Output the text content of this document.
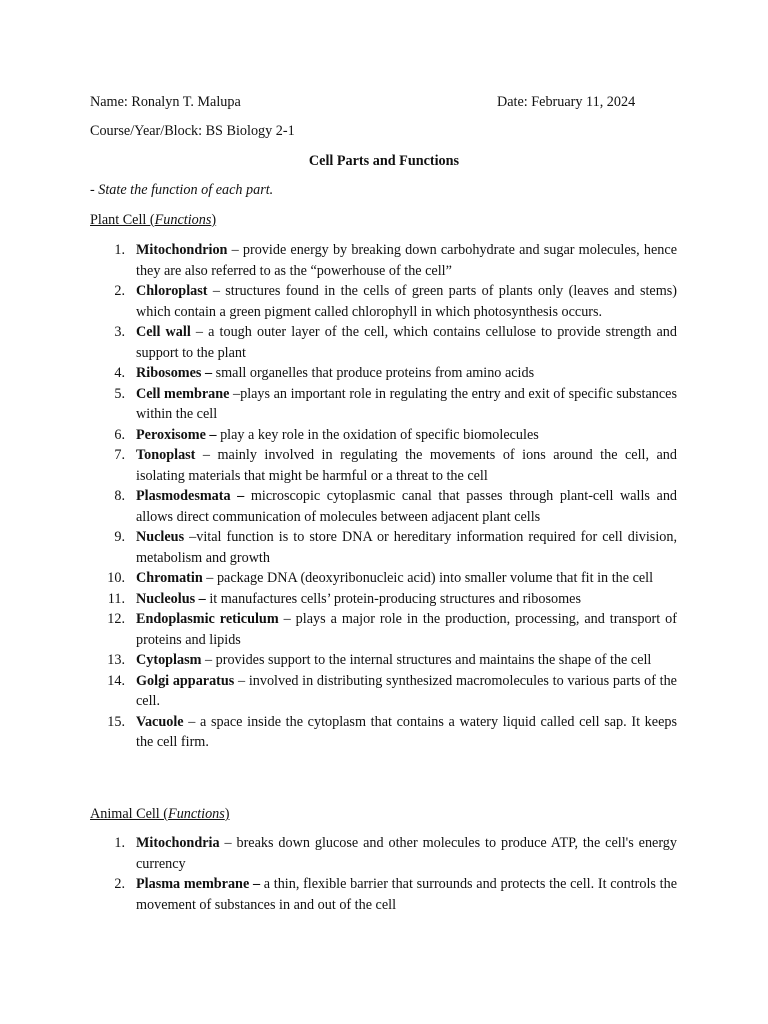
Name: Ronalyn T. Malupa	Date: February 11, 2024
Course/Year/Block: BS Biology 2-1
Cell Parts and Functions
- State the function of each part.
Plant Cell (Functions)
1. Mitochondrion – provide energy by breaking down carbohydrate and sugar molecules, hence they are also referred to as the “powerhouse of the cell”
2. Chloroplast – structures found in the cells of green parts of plants only (leaves and stems) which contain a green pigment called chlorophyll in which photosynthesis occurs.
3. Cell wall – a tough outer layer of the cell, which contains cellulose to provide strength and support to the plant
4. Ribosomes – small organelles that produce proteins from amino acids
5. Cell membrane –plays an important role in regulating the entry and exit of specific substances within the cell
6. Peroxisome – play a key role in the oxidation of specific biomolecules
7. Tonoplast – mainly involved in regulating the movements of ions around the cell, and isolating materials that might be harmful or a threat to the cell
8. Plasmodesmata – microscopic cytoplasmic canal that passes through plant-cell walls and allows direct communication of molecules between adjacent plant cells
9. Nucleus –vital function is to store DNA or hereditary information required for cell division, metabolism and growth
10. Chromatin – package DNA (deoxyribonucleic acid) into smaller volume that fit in the cell
11. Nucleolus – it manufactures cells’ protein-producing structures and ribosomes
12. Endoplasmic reticulum – plays a major role in the production, processing, and transport of proteins and lipids
13. Cytoplasm – provides support to the internal structures and maintains the shape of the cell
14. Golgi apparatus – involved in distributing synthesized macromolecules to various parts of the cell.
15. Vacuole – a space inside the cytoplasm that contains a watery liquid called cell sap. It keeps the cell firm.
Animal Cell (Functions)
1. Mitochondria – breaks down glucose and other molecules to produce ATP, the cell's energy currency
2. Plasma membrane – a thin, flexible barrier that surrounds and protects the cell. It controls the movement of substances in and out of the cell
